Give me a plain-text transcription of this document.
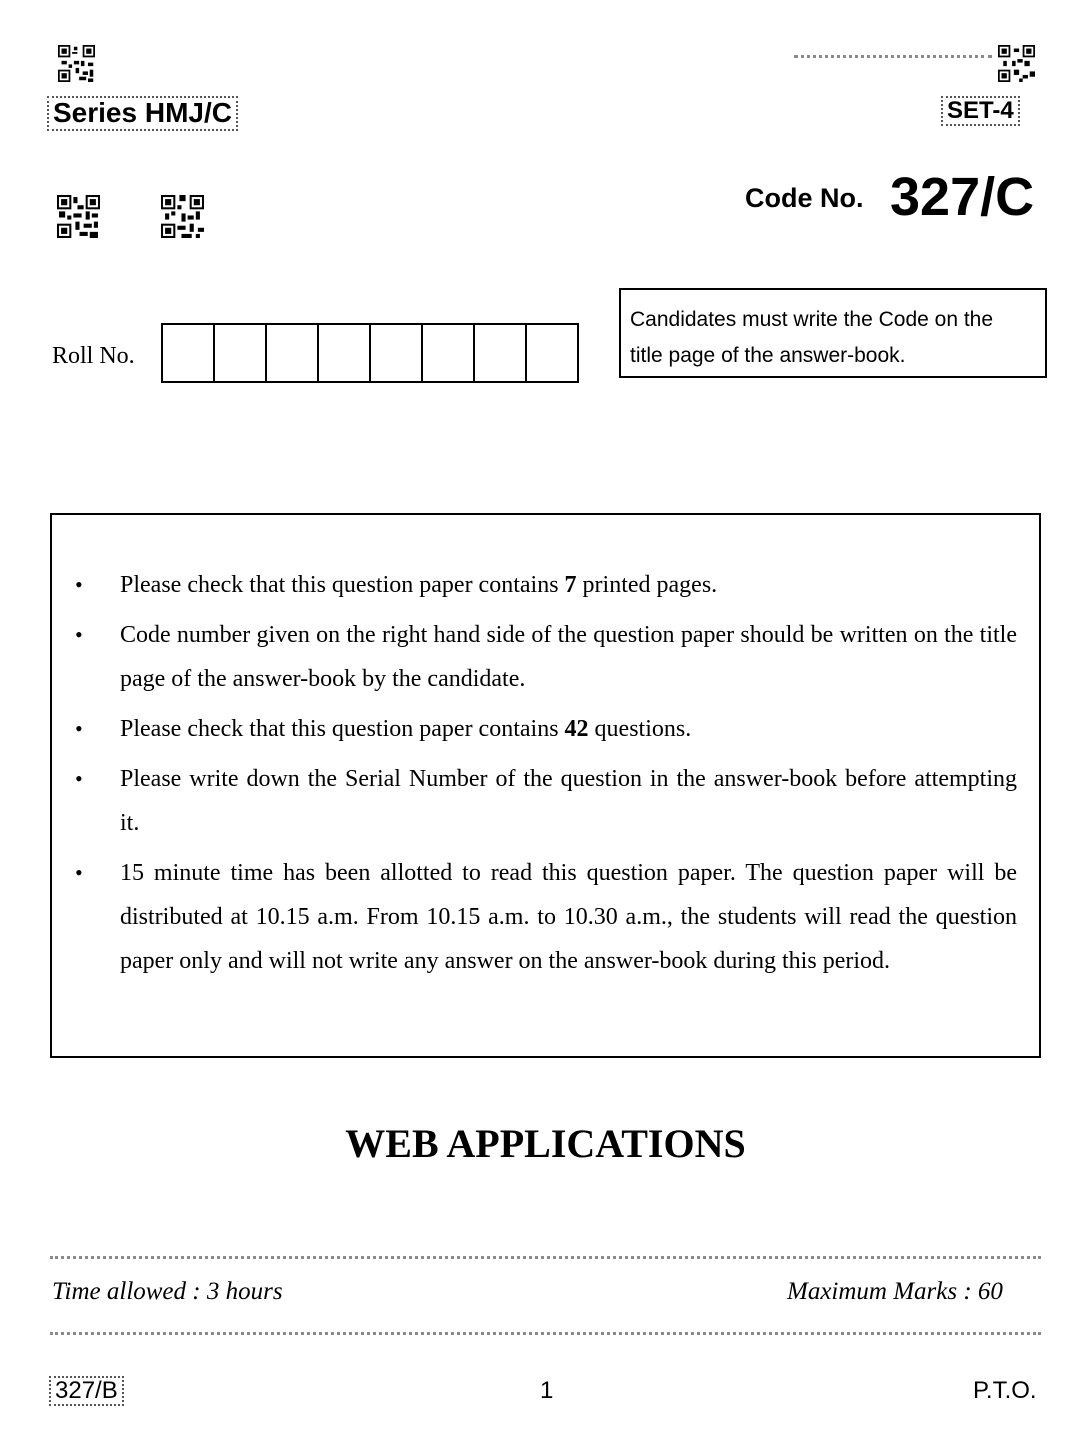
Series HMJ/C	SET-4
Code No. 327/C
Roll No.
Candidates must write the Code on the
title page of the answer-book.
• Please check that this question paper contains 7 printed pages.
• Code number given on the right hand side of the question paper should be written on the title page of the answer-book by the candidate.
• Please check that this question paper contains 42 questions.
• Please write down the Serial Number of the question in the answer-book before attempting it.
• 15 minute time has been allotted to read this question paper. The question paper will be distributed at 10.15 a.m. From 10.15 a.m. to 10.30 a.m., the students will read the question paper only and will not write any answer on the answer-book during this period.
WEB APPLICATIONS
Time allowed : 3 hours	Maximum Marks : 60
327/B	1	P.T.O.
